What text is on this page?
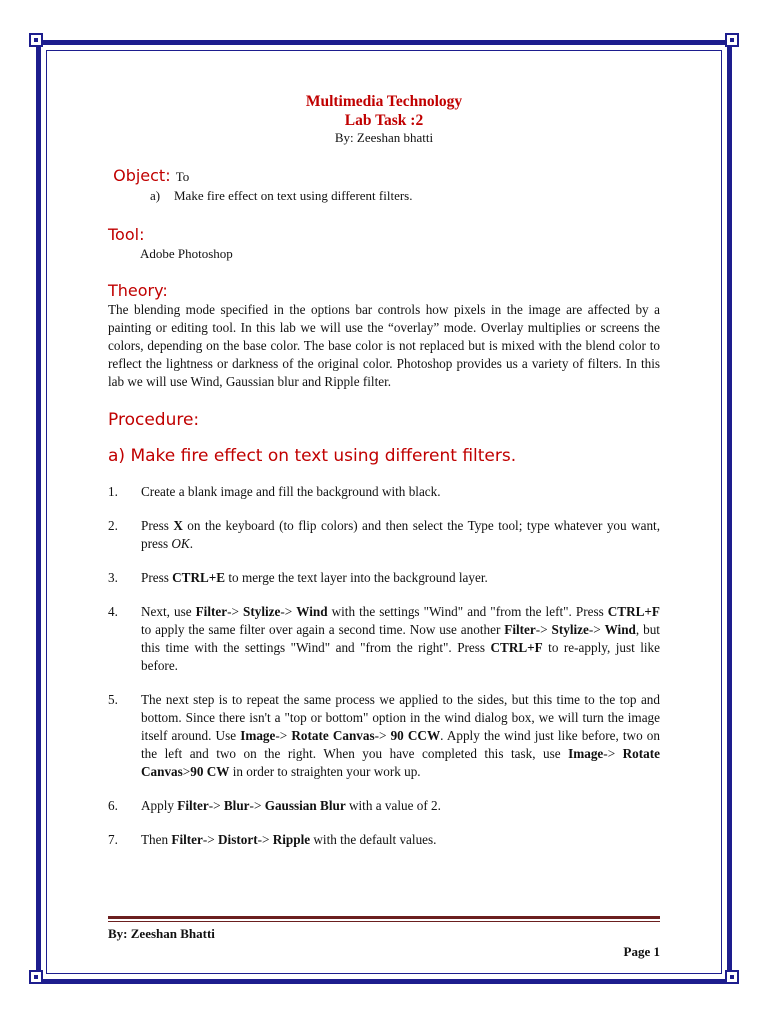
Multimedia Technology
Lab Task :2
By: Zeeshan bhatti
Object: To
a) Make fire effect on text using different filters.
Tool:
Adobe Photoshop
Theory:
The blending mode specified in the options bar controls how pixels in the image are affected by a painting or editing tool. In this lab we will use the “overlay” mode. Overlay multiplies or screens the colors, depending on the base color. The base color is not replaced but is mixed with the blend color to reflect the lightness or darkness of the original color. Photoshop provides us a variety of filters. In this lab we will use Wind, Gaussian blur and Ripple filter.
Procedure:
a) Make fire effect on text using different filters.
1. Create a blank image and fill the background with black.
2. Press X on the keyboard (to flip colors) and then select the Type tool; type whatever you want, press OK.
3. Press CTRL+E to merge the text layer into the background layer.
4. Next, use Filter-> Stylize-> Wind with the settings "Wind" and "from the left". Press CTRL+F to apply the same filter over again a second time. Now use another Filter-> Stylize-> Wind, but this time with the settings "Wind" and "from the right". Press CTRL+F to re-apply, just like before.
5. The next step is to repeat the same process we applied to the sides, but this time to the top and bottom. Since there isn't a "top or bottom" option in the wind dialog box, we will turn the image itself around. Use Image-> Rotate Canvas-> 90 CCW. Apply the wind just like before, two on the left and two on the right. When you have completed this task, use Image-> Rotate Canvas>90 CW in order to straighten your work up.
6. Apply Filter-> Blur-> Gaussian Blur with a value of 2.
7. Then Filter-> Distort-> Ripple with the default values.
By: Zeeshan Bhatti
Page 1
